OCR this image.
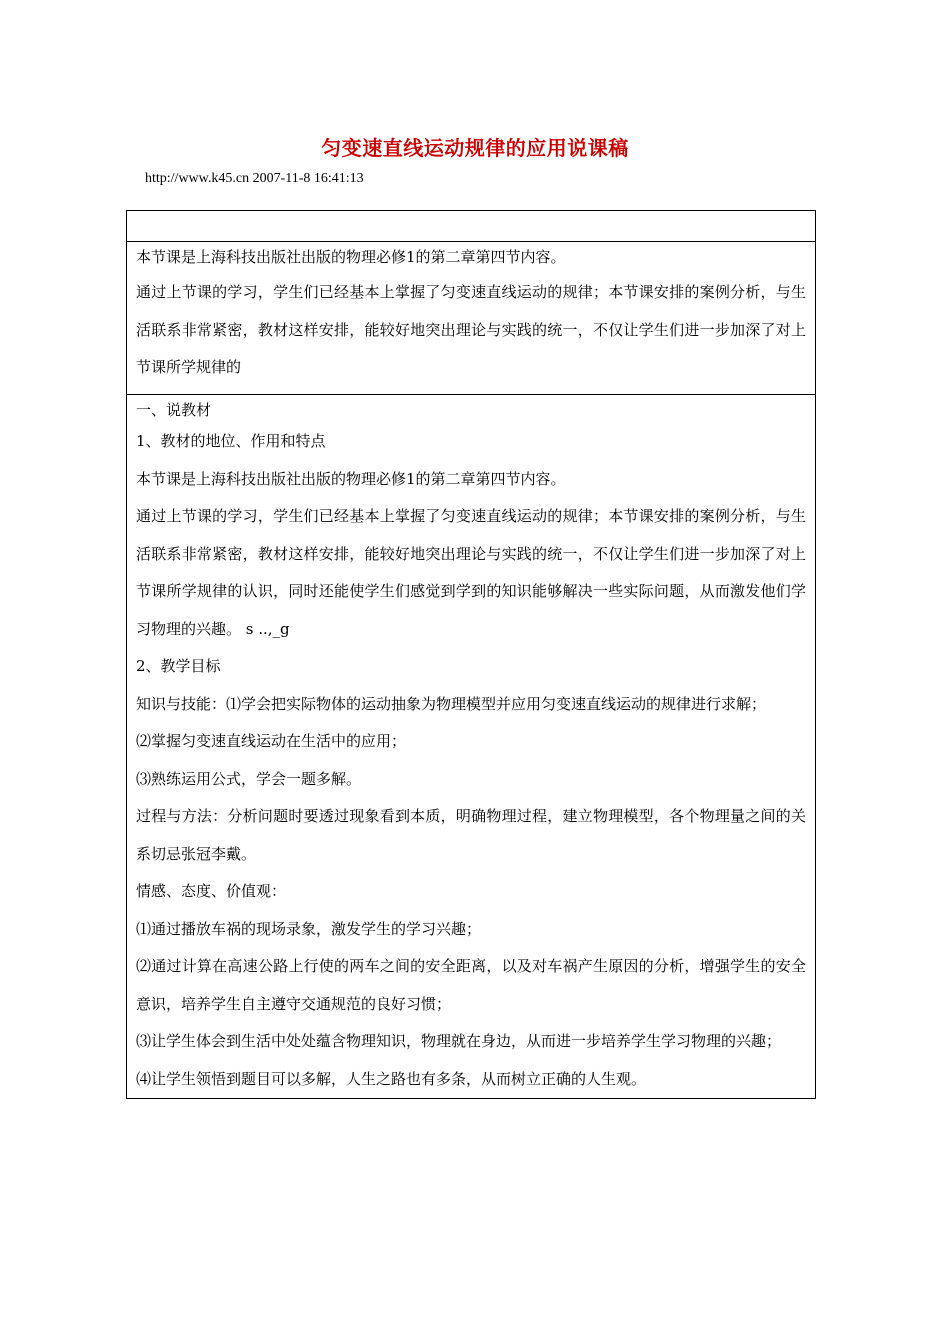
匀变速直线运动规律的应用说课稿
http://www.k45.cn 2007-11-8 16:41:13

本节课是上海科技出版社出版的物理必修1的第二章第四节内容。

通过上节课的学习，学生们已经基本上掌握了匀变速直线运动的规律；本节课安排的案例分析，与生活联系非常紧密，教材这样安排，能较好地突出理论与实践的统一，不仅让学生们进一步加深了对上节课所学规律的

一、说教材

1、教材的地位、作用和特点

本节课是上海科技出版社出版的物理必修1的第二章第四节内容。

通过上节课的学习，学生们已经基本上掌握了匀变速直线运动的规律；本节课安排的案例分析，与生活联系非常紧密，教材这样安排，能较好地突出理论与实践的统一，不仅让学生们进一步加深了对上节课所学规律的认识，同时还能使学生们感觉到学到的知识能够解决一些实际问题，从而激发他们学习物理的兴趣。 s ..,_g

2、教学目标

知识与技能：⑴学会把实际物体的运动抽象为物理模型并应用匀变速直线运动的规律进行求解；

⑵掌握匀变速直线运动在生活中的应用；

⑶熟练运用公式，学会一题多解。

过程与方法：分析问题时要透过现象看到本质，明确物理过程，建立物理模型，各个物理量之间的关系切忌张冠李戴。

情感、态度、价值观：

⑴通过播放车祸的现场录象，激发学生的学习兴趣；

⑵通过计算在高速公路上行使的两车之间的安全距离，以及对车祸产生原因的分析，增强学生的安全意识，培养学生自主遵守交通规范的良好习惯；

⑶让学生体会到生活中处处蕴含物理知识，物理就在身边，从而进一步培养学生学习物理的兴趣；

⑷让学生领悟到题目可以多解，人生之路也有多条，从而树立正确的人生观。
